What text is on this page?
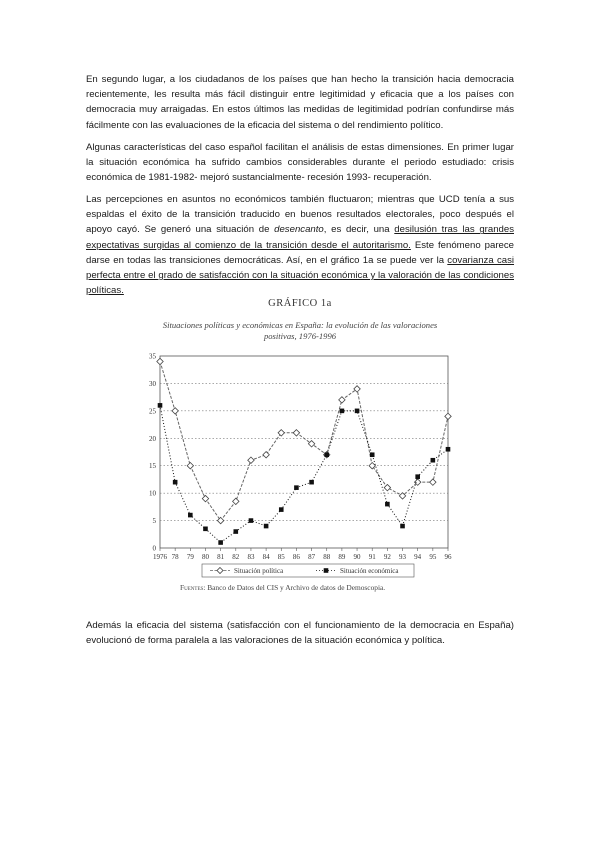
En segundo lugar, a los ciudadanos de los países que han hecho la transición hacia democracia recientemente, les resulta más fácil distinguir entre legitimidad y eficacia que a los países con democracia muy arraigadas. En estos últimos las medidas de legitimidad podrían confundirse más fácilmente con las evaluaciones de la eficacia del sistema o del rendimiento político.

Algunas características del caso español facilitan el análisis de estas dimensiones. En primer lugar la situación económica ha sufrido cambios considerables durante el periodo estudiado: crisis económica de 1981-1982- mejoró sustancialmente- recesión 1993- recuperación.

Las percepciones en asuntos no económicos también fluctuaron; mientras que UCD tenía a sus espaldas el éxito de la transición traducido en buenos resultados electorales, poco después el apoyo cayó. Se generó una situación de desencanto, es decir, una desilusión tras las grandes expectativas surgidas al comienzo de la transición desde el autoritarismo. Este fenómeno parece darse en todas las transiciones democráticas. Así, en el gráfico 1a se puede ver la covarianza casi perfecta entre el grado de satisfacción con la situación económica y la valoración de las condiciones políticas.

GRÁFICO 1a
Situaciones políticas y económicas en España: la evolución de las valoraciones
positivas, 1976-1996
0
5
10
15
20
25
30
35
1976 78 79 80 81 82 83 84 85 86 87 88 89 90 91 92 93 94 95 96
Situación política	Situación económica
Fuentes: Banco de Datos del CIS y Archivo de datos de Demoscopia.

Además la eficacia del sistema (satisfacción con el funcionamiento de la democracia en España) evolucionó de forma paralela a las valoraciones de la situación económica y política.
